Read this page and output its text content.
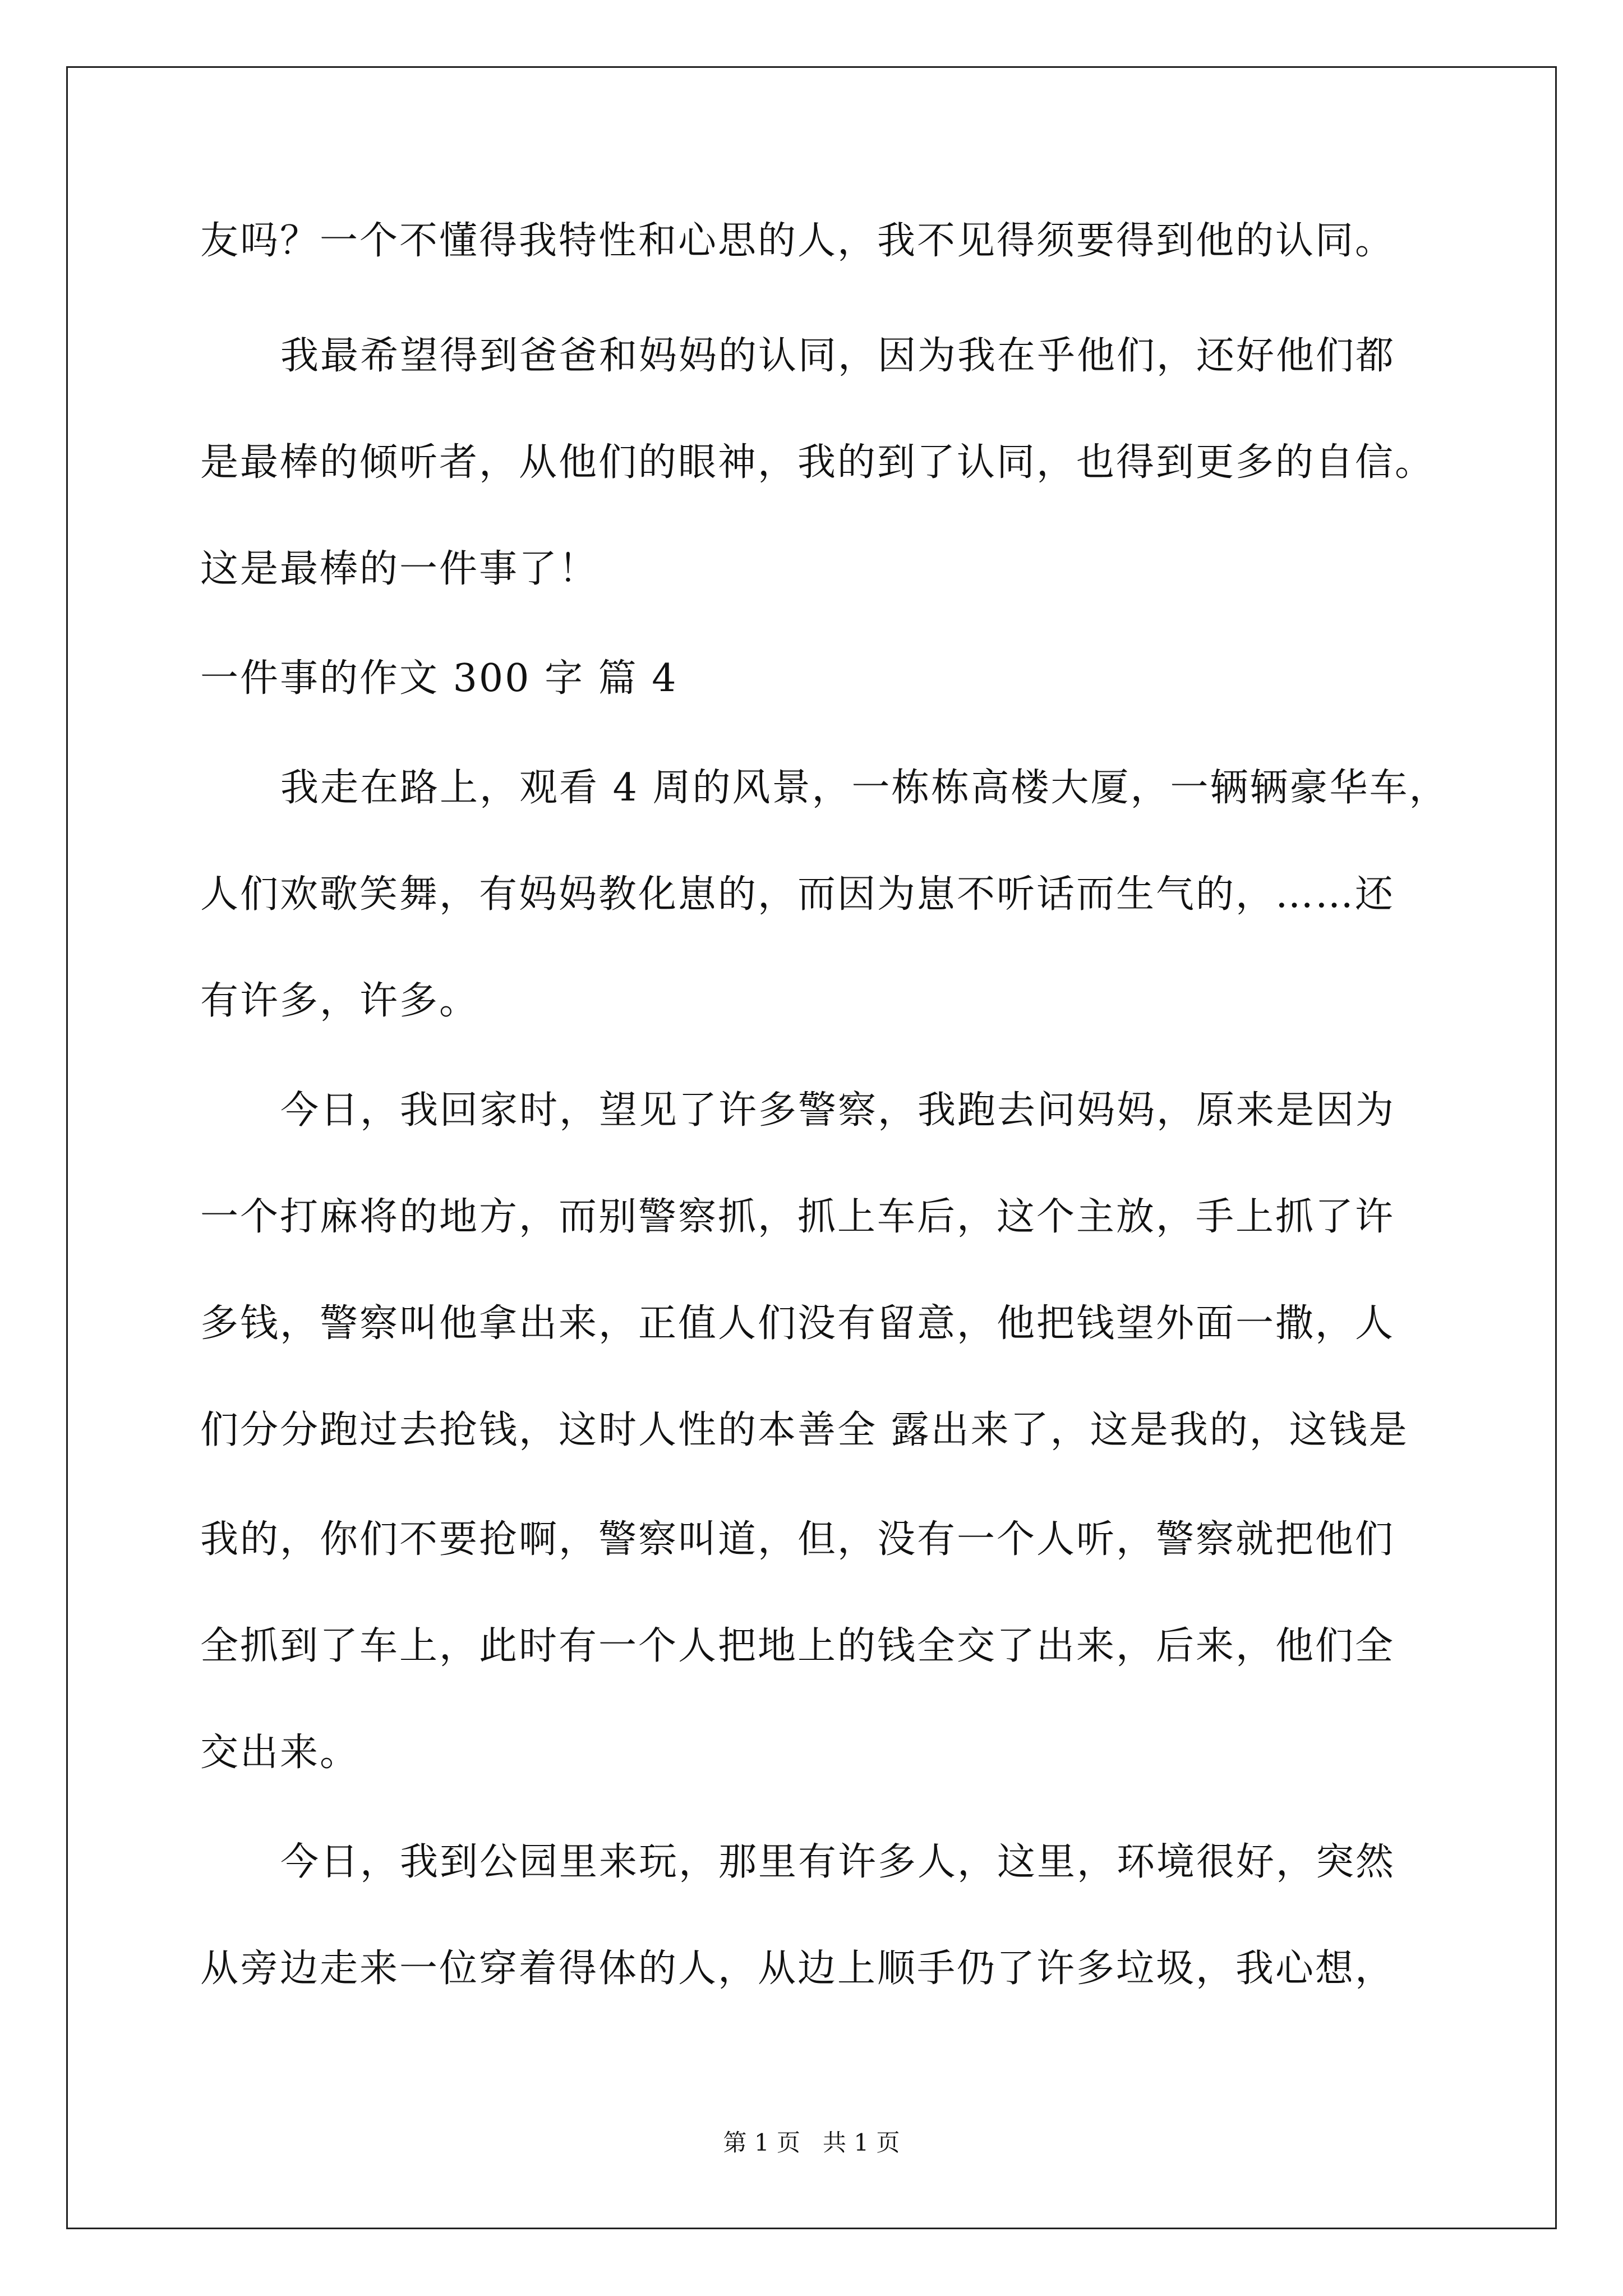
友吗？一个不懂得我特性和心思的人，我不见得须要得到他的认同。
我最希望得到爸爸和妈妈的认同，因为我在乎他们，还好他们都
是最棒的倾听者，从他们的眼神，我的到了认同，也得到更多的自信。
这是最棒的一件事了！
一件事的作文 300 字 篇 4
我走在路上，观看 4 周的风景，一栋栋高楼大厦，一辆辆豪华车，
人们欢歌笑舞，有妈妈教化崽的，而因为崽不听话而生气的，……还
有许多，许多。
今日，我回家时，望见了许多警察，我跑去问妈妈，原来是因为
一个打麻将的地方，而别警察抓，抓上车后，这个主放，手上抓了许
多钱，警察叫他拿出来，正值人们没有留意，他把钱望外面一撒，人
们分分跑过去抢钱，这时人性的本善全 露出来了，这是我的，这钱是
我的，你们不要抢啊，警察叫道，但，没有一个人听，警察就把他们
全抓到了车上，此时有一个人把地上的钱全交了出来，后来，他们全
交出来。
今日，我到公园里来玩，那里有许多人，这里，环境很好，突然
从旁边走来一位穿着得体的人，从边上顺手仍了许多垃圾，我心想，
第 1 页   共 1 页
